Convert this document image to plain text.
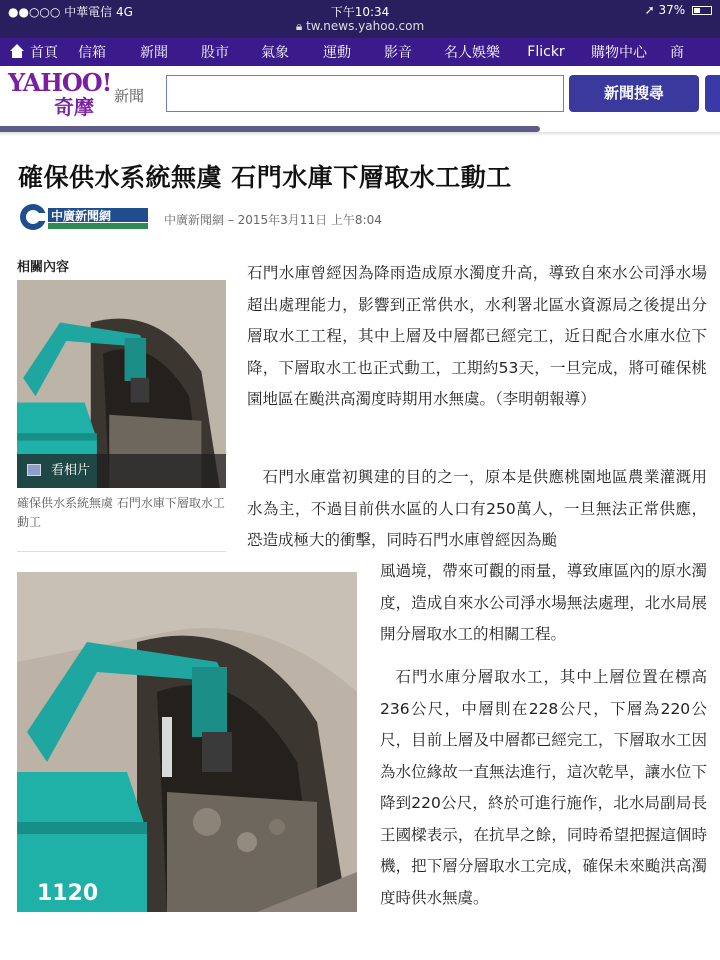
●●○○○ 中華電信 4G	下午10:34	➚ 37%
🔒︎ tw.news.yahoo.com
首頁	信箱	新聞	股市	氣象	運動	影音	名人娛樂	Flickr	購物中心	商
YAHOO!
奇摩	新聞	新聞搜尋
確保供水系統無虞 石門水庫下層取水工動工
中廣新聞網	中廣新聞網 – 2015年3月11日 上午8:04
相關內容
看相片
確保供水系統無虞 石門水庫下層取水工動工

石門水庫曾經因為降雨造成原水濁度升高，導致自來水公司淨水場超出處理能力，影響到正常供水，水利署北區水資源局之後提出分層取水工工程，其中上層及中層都已經完工，近日配合水庫水位下降，下層取水工也正式動工，工期約53天，一旦完成，將可確保桃園地區在颱洪高濁度時期用水無虞。（李明朝報導）

石門水庫當初興建的目的之一，原本是供應桃園地區農業灌溉用水為主，不過目前供水區的人口有250萬人，一旦無法正常供應，恐造成極大的衝擊，同時石門水庫曾經因為颱

風過境，帶來可觀的雨量，導致庫區內的原水濁度，造成自來水公司淨水場無法處理，北水局展開分層取水工的相關工程。

石門水庫分層取水工，其中上層位置在標高236公尺，中層則在228公尺，下層為220公尺，目前上層及中層都已經完工，下層取水工因為水位緣故一直無法進行，這次乾旱，讓水位下降到220公尺，終於可進行施作，北水局副局長王國樑表示，在抗旱之餘，同時希望把握這個時機，把下層分層取水工完成，確保未來颱洪高濁度時供水無虞。

1120
